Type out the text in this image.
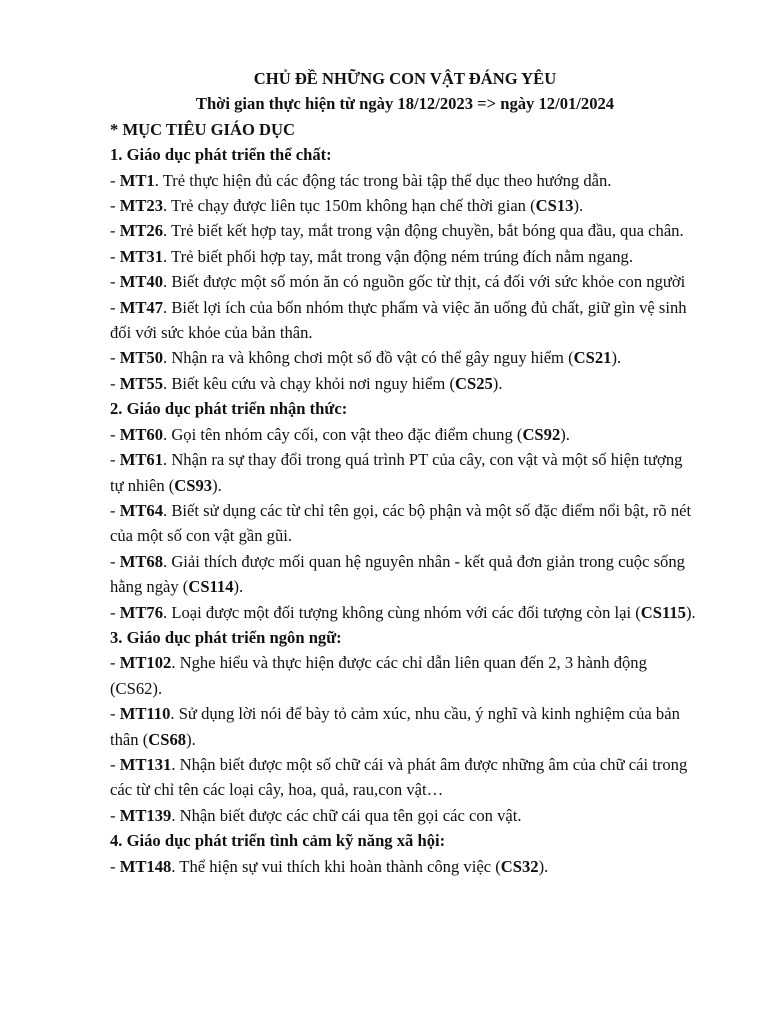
CHỦ ĐỀ NHỮNG CON VẬT ĐÁNG YÊU

Thời gian thực hiện từ ngày 18/12/2023 => ngày 12/01/2024

* MỤC TIÊU GIÁO DỤC

1. Giáo dục phát triển thể chất:

- MT1. Trẻ thực hiện đủ các động tác trong bài tập thể dục theo hướng dẫn.

- MT23. Trẻ chạy được liên tục 150m không hạn chế thời gian (CS13).

- MT26. Trẻ biết kết hợp tay, mắt trong vận động chuyền, bắt bóng qua đầu, qua chân.

- MT31. Trẻ biết phối hợp tay, mắt trong vận động ném trúng đích nằm ngang.

- MT40. Biết được một số món ăn có nguồn gốc từ thịt, cá đối với sức khỏe con người

- MT47. Biết lợi ích của bốn nhóm thực phẩm và việc ăn uống đủ chất, giữ gìn vệ sinh đối với sức khỏe của bản thân.

- MT50. Nhận ra và không chơi một số đồ vật có thể gây nguy hiểm (CS21).

- MT55. Biết kêu cứu và chạy khỏi nơi nguy hiểm (CS25).

2. Giáo dục phát triển nhận thức:

- MT60. Gọi tên nhóm cây cối, con vật theo đặc điểm chung (CS92).

- MT61. Nhận ra sự thay đổi trong quá trình PT của cây, con vật và một số hiện tượng tự nhiên (CS93).

- MT64. Biết sử dụng các từ chỉ tên gọi, các bộ phận và một số đặc điểm nổi bật, rõ nét của một số con vật gần gũi.

- MT68. Giải thích được mối quan hệ nguyên nhân - kết quả đơn giản trong cuộc sống hằng ngày (CS114).

- MT76. Loại được một đối tượng không cùng nhóm với các đối tượng còn lại (CS115).

3. Giáo dục phát triển ngôn ngữ:

- MT102. Nghe hiểu và thực hiện được các chỉ dẫn liên quan đến 2, 3 hành động (CS62).

- MT110. Sử dụng lời nói để bày tỏ cảm xúc, nhu cầu, ý nghĩ và kinh nghiệm của bản thân (CS68).

- MT131. Nhận biết được một số chữ cái và phát âm được những âm của chữ cái trong các từ chỉ tên các loại cây, hoa, quả, rau,con vật…

- MT139. Nhận biết được các chữ cái qua tên gọi các con vật.

4. Giáo dục phát triển tình cảm kỹ năng xã hội:

- MT148. Thể hiện sự vui thích khi hoàn thành công việc (CS32).
